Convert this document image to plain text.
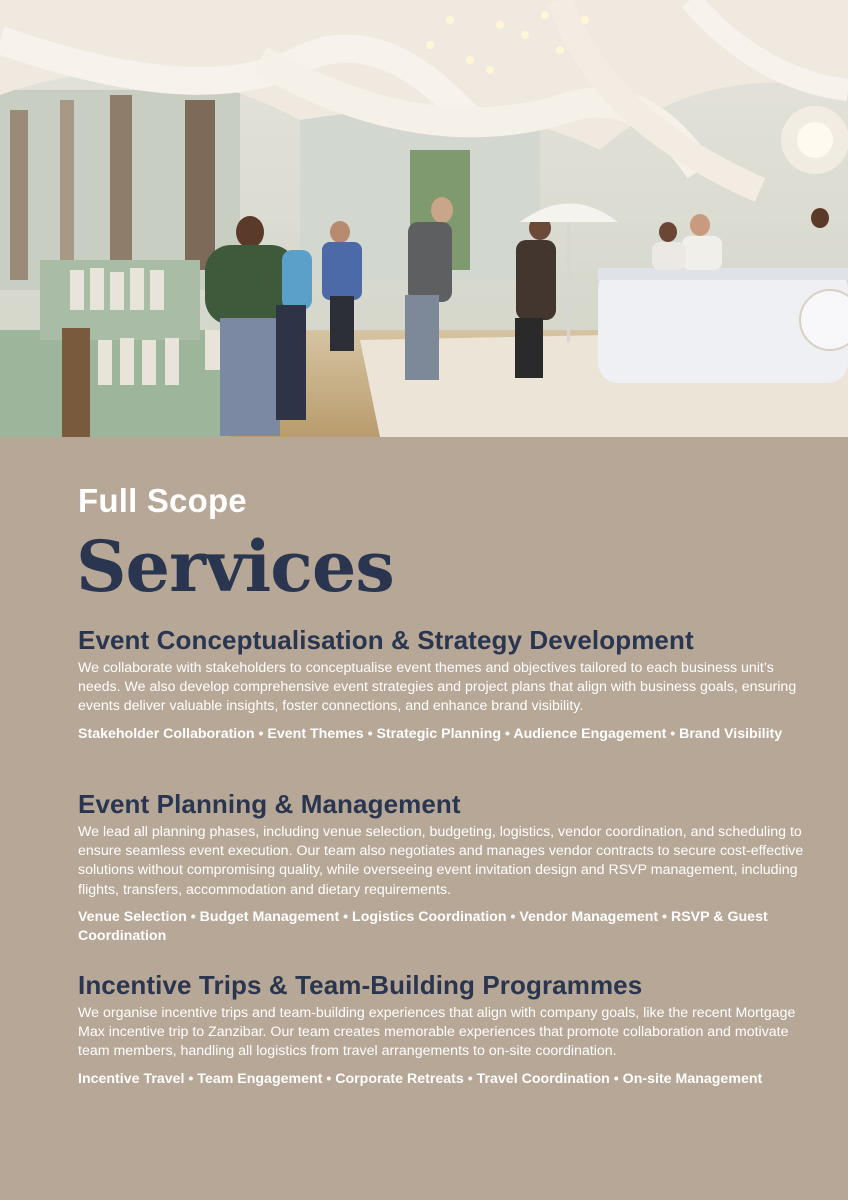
Full Scope
Services
Event Conceptualisation & Strategy Development

We collaborate with stakeholders to conceptualise event themes and objectives tailored to each business unit’s needs. We also develop comprehensive event strategies and project plans that align with business goals, ensuring events deliver valuable insights, foster connections, and enhance brand visibility.

Stakeholder Collaboration • Event Themes • Strategic Planning • Audience Engagement • Brand Visibility

Event Planning & Management

We lead all planning phases, including venue selection, budgeting, logistics, vendor coordination, and scheduling to ensure seamless event execution. Our team also negotiates and manages vendor contracts to secure cost-effective solutions without compromising quality, while overseeing event invitation design and RSVP management, including flights, transfers, accommodation and dietary requirements.

Venue Selection • Budget Management • Logistics Coordination • Vendor Management • RSVP & Guest Coordination

Incentive Trips & Team-Building Programmes

We organise incentive trips and team-building experiences that align with company goals, like the recent Mortgage Max incentive trip to Zanzibar. Our team creates memorable experiences that promote collaboration and motivate team members, handling all logistics from travel arrangements to on-site coordination.

Incentive Travel • Team Engagement • Corporate Retreats • Travel Coordination • On-site Management
